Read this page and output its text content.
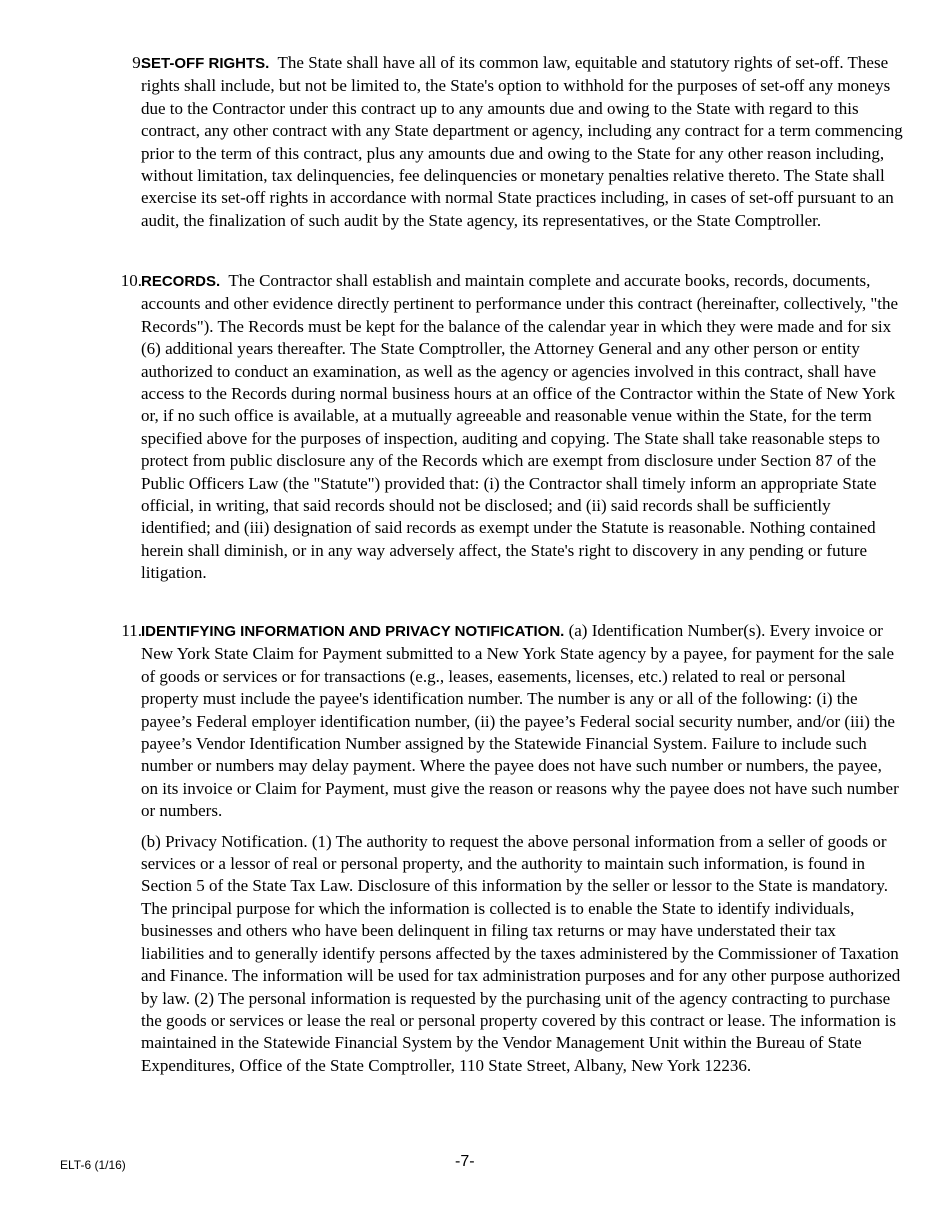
9.
SET-OFF RIGHTS. The State shall have all of its common law, equitable and statutory rights of set-off. These rights shall include, but not be limited to, the State's option to withhold for the purposes of set-off any moneys due to the Contractor under this contract up to any amounts due and owing to the State with regard to this contract, any other contract with any State department or agency, including any contract for a term commencing prior to the term of this contract, plus any amounts due and owing to the State for any other reason including, without limitation, tax delinquencies, fee delinquencies or monetary penalties relative thereto. The State shall exercise its set-off rights in accordance with normal State practices including, in cases of set-off pursuant to an audit, the finalization of such audit by the State agency, its representatives, or the State Comptroller.
10. RECORDS. The Contractor shall establish and maintain complete and accurate books, records, documents, accounts and other evidence directly pertinent to performance under this contract (hereinafter, collectively, "the Records"). The Records must be kept for the balance of the calendar year in which they were made and for six (6) additional years thereafter. The State Comptroller, the Attorney General and any other person or entity authorized to conduct an examination, as well as the agency or agencies involved in this contract, shall have access to the Records during normal business hours at an office of the Contractor within the State of New York or, if no such office is available, at a mutually agreeable and reasonable venue within the State, for the term specified above for the purposes of inspection, auditing and copying. The State shall take reasonable steps to protect from public disclosure any of the Records which are exempt from disclosure under Section 87 of the Public Officers Law (the "Statute") provided that: (i) the Contractor shall timely inform an appropriate State official, in writing, that said records should not be disclosed; and (ii) said records shall be sufficiently identified; and (iii) designation of said records as exempt under the Statute is reasonable. Nothing contained herein shall diminish, or in any way adversely affect, the State's right to discovery in any pending or future litigation.
11. IDENTIFYING INFORMATION AND PRIVACY NOTIFICATION. (a) Identification Number(s). Every invoice or New York State Claim for Payment submitted to a New York State agency by a payee, for payment for the sale of goods or services or for transactions (e.g., leases, easements, licenses, etc.) related to real or personal property must include the payee's identification number. The number is any or all of the following: (i) the payee’s Federal employer identification number, (ii) the payee’s Federal social security number, and/or (iii) the payee’s Vendor Identification Number assigned by the Statewide Financial System. Failure to include such number or numbers may delay payment. Where the payee does not have such number or numbers, the payee, on its invoice or Claim for Payment, must give the reason or reasons why the payee does not have such number or numbers.
(b) Privacy Notification. (1) The authority to request the above personal information from a seller of goods or services or a lessor of real or personal property, and the authority to maintain such information, is found in Section 5 of the State Tax Law. Disclosure of this information by the seller or lessor to the State is mandatory. The principal purpose for which the information is collected is to enable the State to identify individuals, businesses and others who have been delinquent in filing tax returns or may have understated their tax liabilities and to generally identify persons affected by the taxes administered by the Commissioner of Taxation and Finance. The information will be used for tax administration purposes and for any other purpose authorized by law. (2) The personal information is requested by the purchasing unit of the agency contracting to purchase the goods or services or lease the real or personal property covered by this contract or lease. The information is maintained in the Statewide Financial System by the Vendor Management Unit within the Bureau of State Expenditures, Office of the State Comptroller, 110 State Street, Albany, New York 12236.
ELT-6 (1/16)	-7-
